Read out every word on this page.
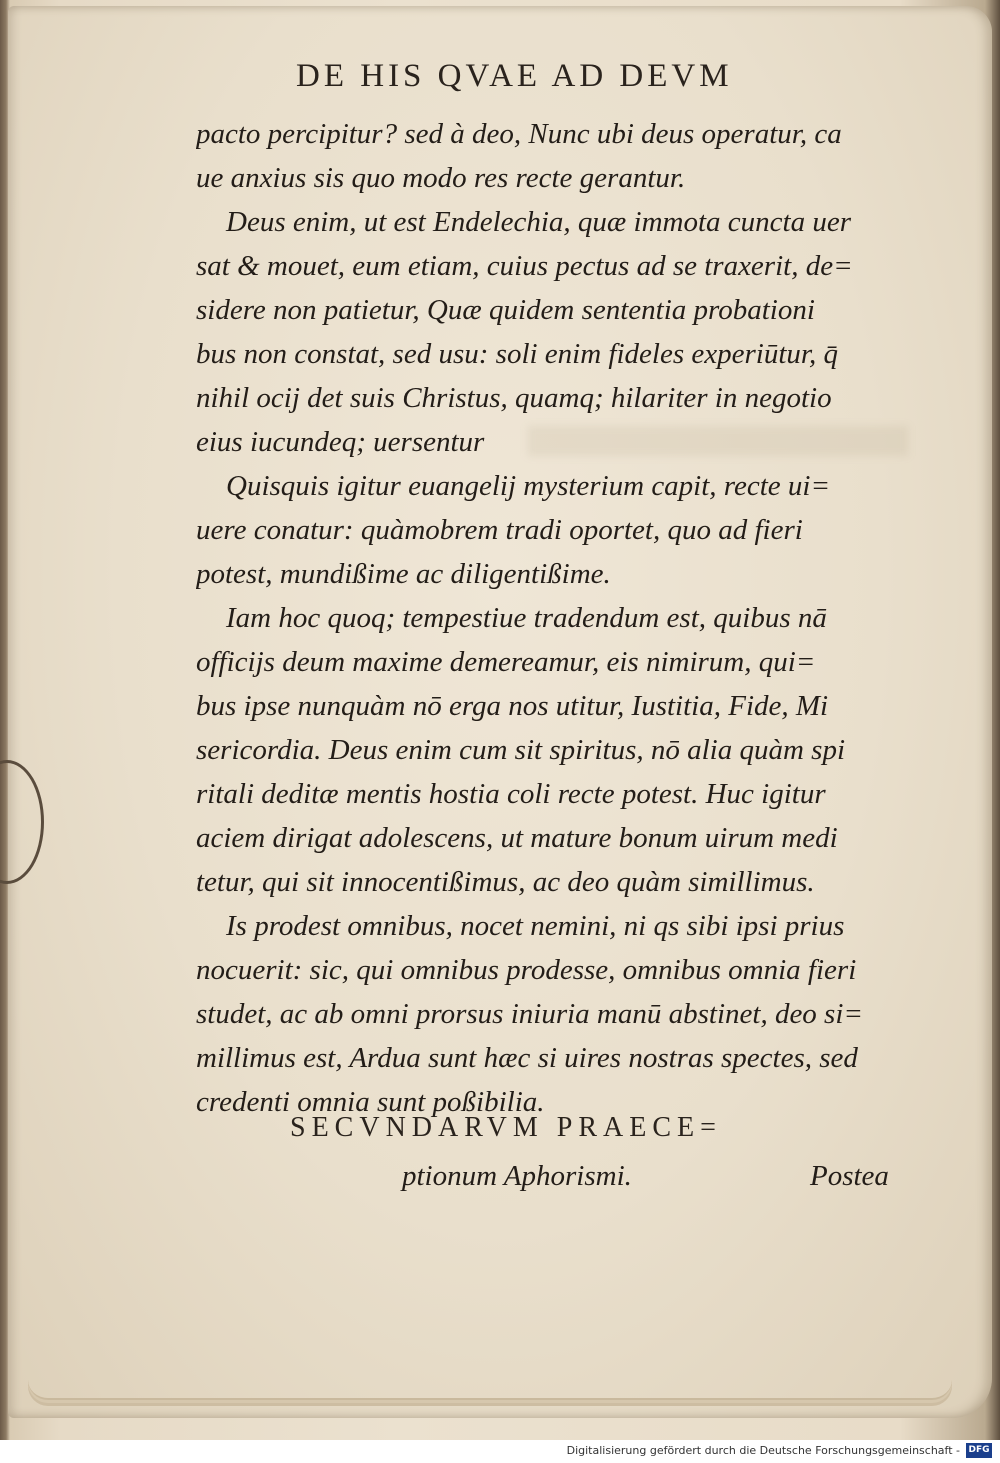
DE HIS QVAE AD DEVM
pacto percipitur? sed à deo, Nunc ubi deus operatur, ca
ue anxius sis quo modo res recte gerantur.
Deus enim, ut est Endelechia, quæ immota cuncta uer
sat & mouet, eum etiam, cuius pectus ad se traxerit, de=
sidere non patietur, Quæ quidem sententia probationi
bus non constat, sed usu: soli enim fideles experiūtur, q̄
nihil ocij det suis Christus, quamq; hilariter in negotio
eius iucundeq; uersentur
Quisquis igitur euangelij mysterium capit, recte ui=
uere conatur: quàmobrem tradi oportet, quo ad fieri
potest, mundißime ac diligentißime.
Iam hoc quoq; tempestiue tradendum est, quibus nā
officijs deum maxime demereamur, eis nimirum, qui=
bus ipse nunquàm nō erga nos utitur, Iustitia, Fide, Mi
sericordia. Deus enim cum sit spiritus, nō alia quàm spi
ritali deditæ mentis hostia coli recte potest. Huc igitur
aciem dirigat adolescens, ut mature bonum uirum medi
tetur, qui sit innocentißimus, ac deo quàm simillimus.
Is prodest omnibus, nocet nemini, ni qs sibi ipsi prius
nocuerit: sic, qui omnibus prodesse, omnibus omnia fieri
studet, ac ab omni prorsus iniuria manū abstinet, deo si=
millimus est, Ardua sunt hæc si uires nostras spectes, sed
credenti omnia sunt poßibilia.
SECVNDARVM PRAECE=
ptionum Aphorismi.	Postea
Digitalisierung gefördert durch die Deutsche Forschungsgemeinschaft - DFG
